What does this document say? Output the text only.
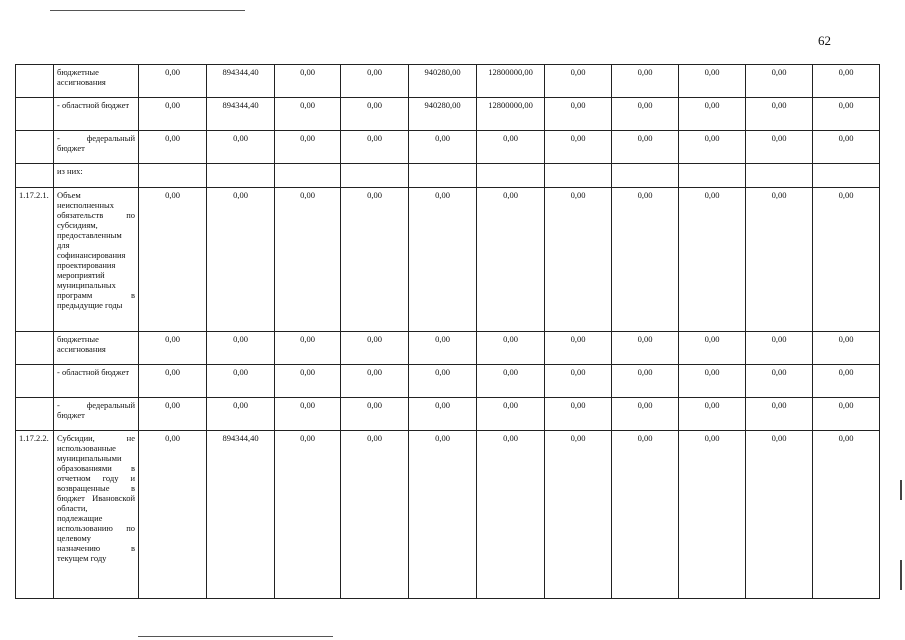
62
	бюджетные ассигнования	0,00	894344,40	0,00	0,00	940280,00	12800000,00	0,00	0,00	0,00	0,00	0,00
	- областной бюджет	0,00	894344,40	0,00	0,00	940280,00	12800000,00	0,00	0,00	0,00	0,00	0,00
	- федеральный бюджет	0,00	0,00	0,00	0,00	0,00	0,00	0,00	0,00	0,00	0,00	0,00
	из них:											
1.17.2.1.	Объем неисполненных обязательств по субсидиям, предоставленным для софинансирования проектирования мероприятий муниципальных программ в предыдущие годы	0,00	0,00	0,00	0,00	0,00	0,00	0,00	0,00	0,00	0,00	0,00
	бюджетные ассигнования	0,00	0,00	0,00	0,00	0,00	0,00	0,00	0,00	0,00	0,00	0,00
	- областной бюджет	0,00	0,00	0,00	0,00	0,00	0,00	0,00	0,00	0,00	0,00	0,00
	- федеральный бюджет	0,00	0,00	0,00	0,00	0,00	0,00	0,00	0,00	0,00	0,00	0,00
1.17.2.2.	Субсидии, не использованные муниципальными образованиями в отчетном году и возвращенные в бюджет Ивановской области, подлежащие использованию по целевому назначению в текущем году	0,00	894344,40	0,00	0,00	0,00	0,00	0,00	0,00	0,00	0,00	0,00
